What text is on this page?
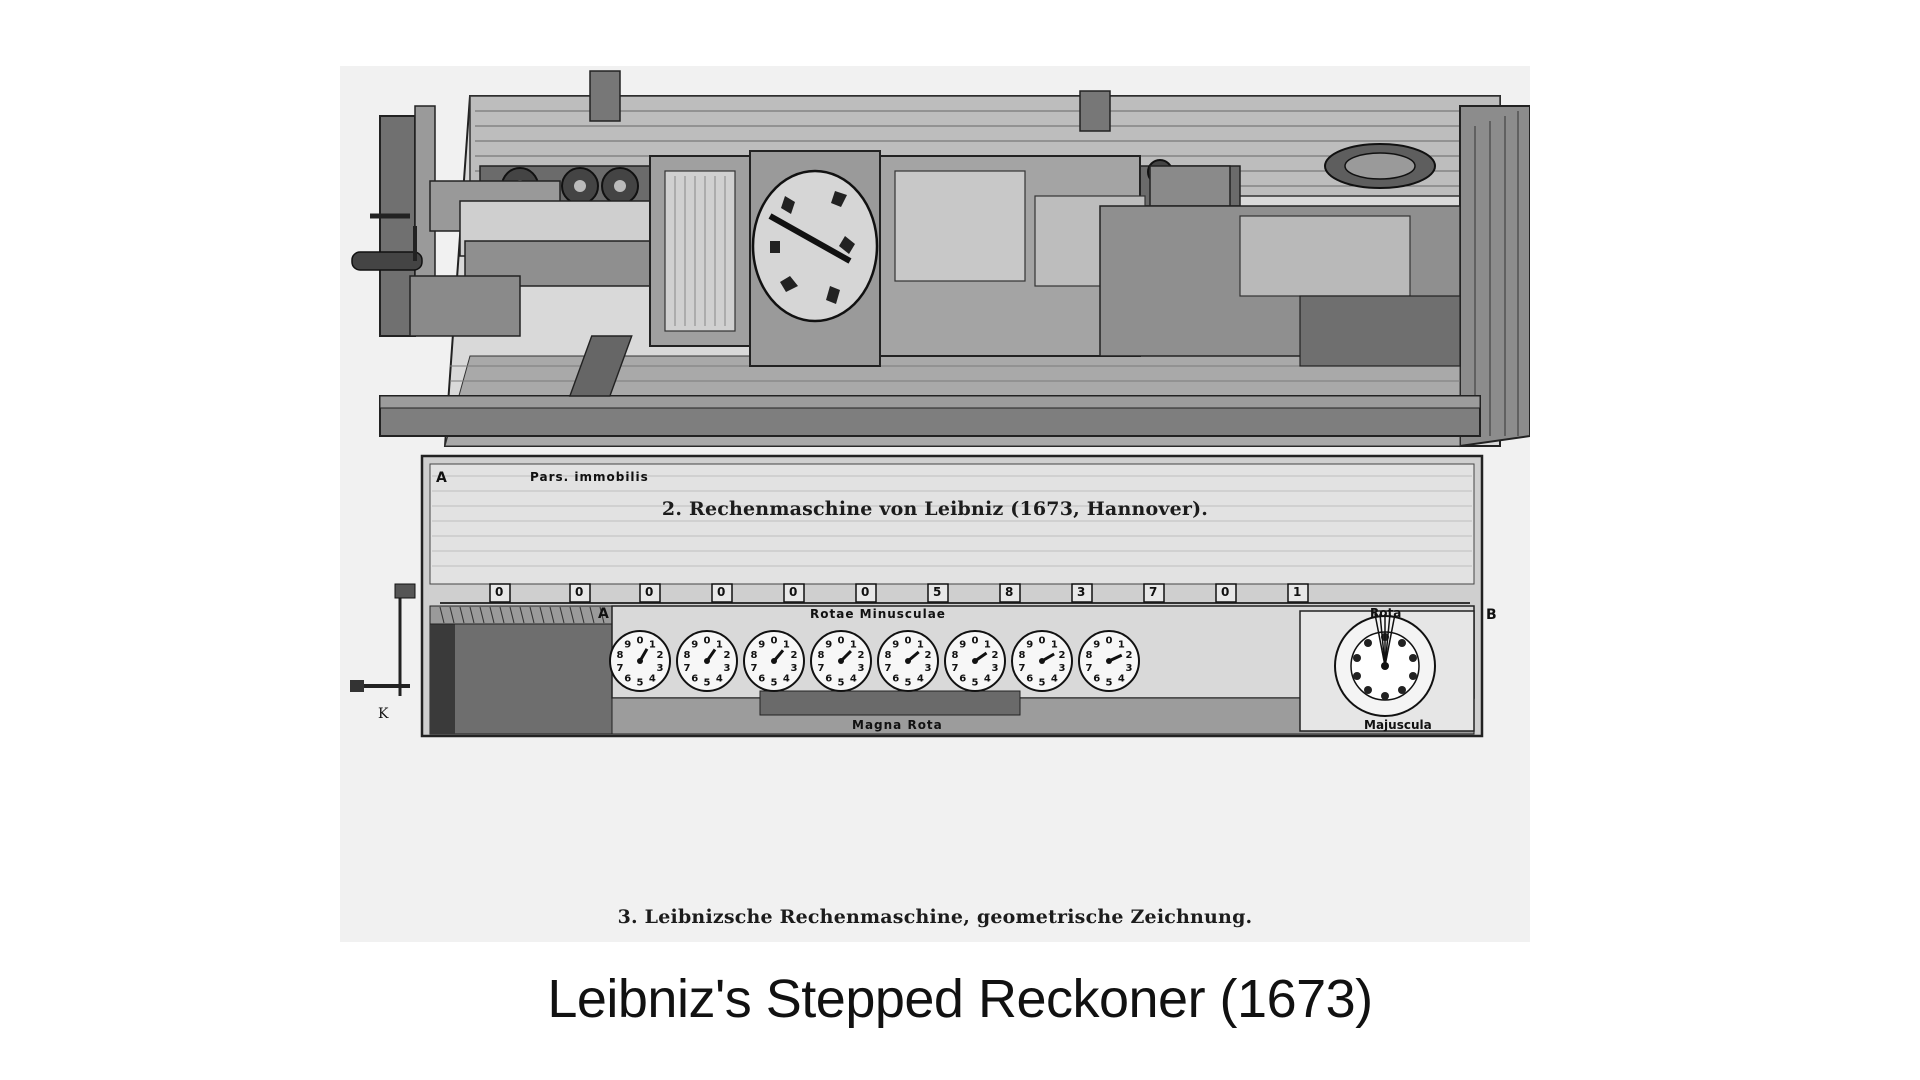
0 1
2
3
4
5
6
7
8
9	0 1
2
3
4
5
6
7
8
9	0 1
2
3
4
5
6
7
8
9	0 1
2
3
4
5
6
7
8
9	0 1
2
3
4
5
6
7
8
9	0 1
2
3
4
5
6
7
8
9	0 1
2
3
4
5
6
7
8
9	0 1
2
3
4
5
6
7
8
9
0	0	0	0	0	0	5	8	3	7	0	1
A	Pars. immobilis
A	Rotae Minusculae	Rota	B
K
Magna Rota	Majuscula
2. Rechenmaschine von Leibniz (1673, Hannover).
3. Leibnizsche Rechenmaschine, geometrische Zeichnung.
Leibniz's Stepped Reckoner (1673)
